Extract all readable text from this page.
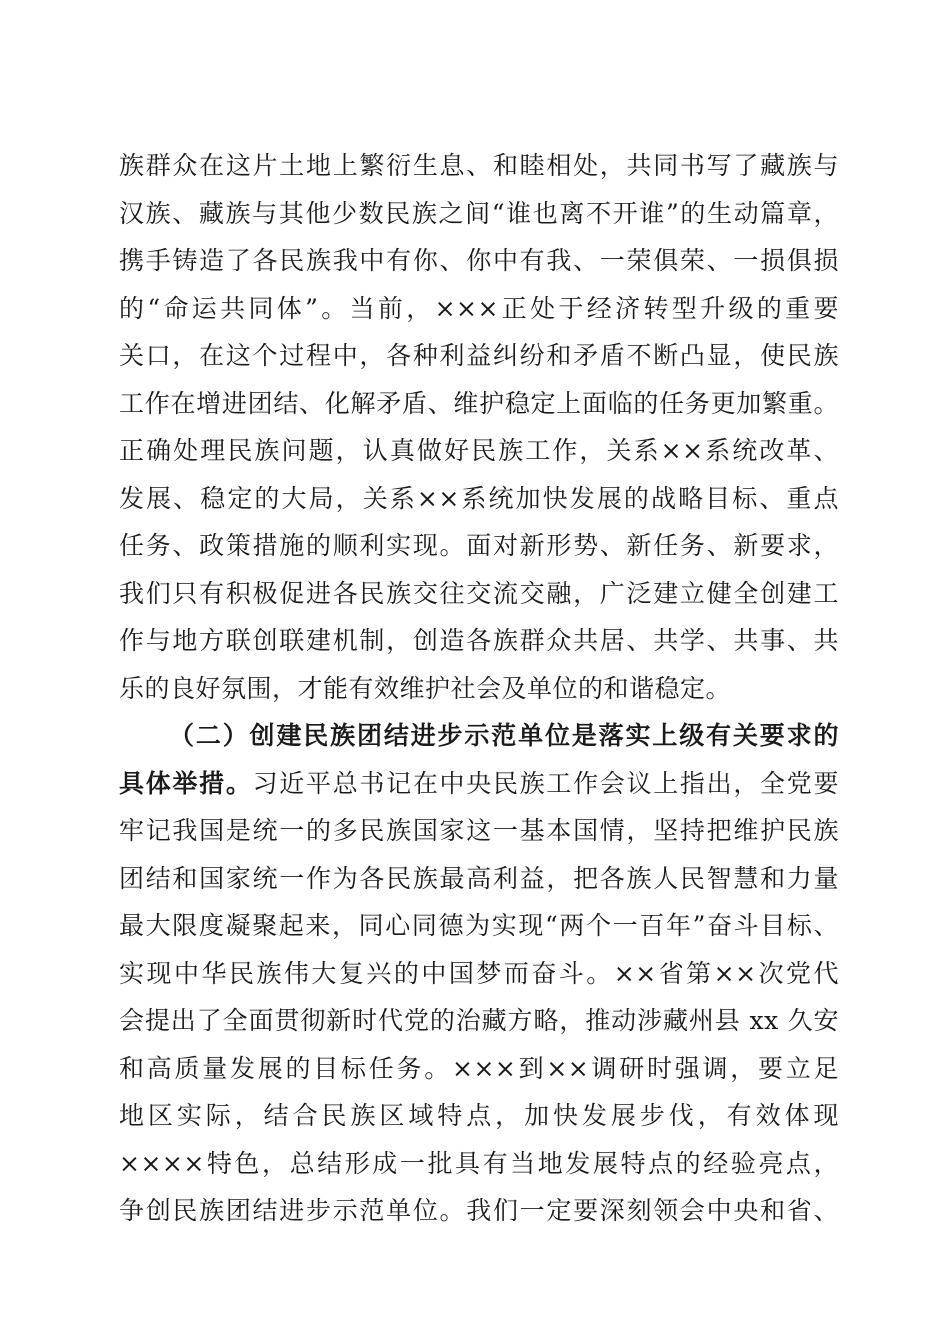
族群众在这片土地上繁衍生息、和睦相处，共同书写了藏族与
汉族、藏族与其他少数民族之间“谁也离不开谁”的生动篇章，
携手铸造了各民族我中有你、你中有我、一荣俱荣、一损俱损
的“命运共同体”。当前，×××正处于经济转型升级的重要
关口，在这个过程中，各种利益纠纷和矛盾不断凸显，使民族
工作在增进团结、化解矛盾、维护稳定上面临的任务更加繁重。
正确处理民族问题，认真做好民族工作，关系××系统改革、
发展、稳定的大局，关系××系统加快发展的战略目标、重点
任务、政策措施的顺利实现。面对新形势、新任务、新要求，
我们只有积极促进各民族交往交流交融，广泛建立健全创建工
作与地方联创联建机制，创造各族群众共居、共学、共事、共
乐的良好氛围，才能有效维护社会及单位的和谐稳定。
（二）创建民族团结进步示范单位是落实上级有关要求的
具体举措。习近平总书记在中央民族工作会议上指出，全党要
牢记我国是统一的多民族国家这一基本国情，坚持把维护民族
团结和国家统一作为各民族最高利益，把各族人民智慧和力量
最大限度凝聚起来，同心同德为实现“两个一百年”奋斗目标、
实现中华民族伟大复兴的中国梦而奋斗。××省第××次党代
会提出了全面贯彻新时代党的治藏方略，推动涉藏州县 xx 久安
和高质量发展的目标任务。×××到××调研时强调，要立足
地区实际，结合民族区域特点，加快发展步伐，有效体现
××××特色，总结形成一批具有当地发展特点的经验亮点，
争创民族团结进步示范单位。我们一定要深刻领会中央和省、
